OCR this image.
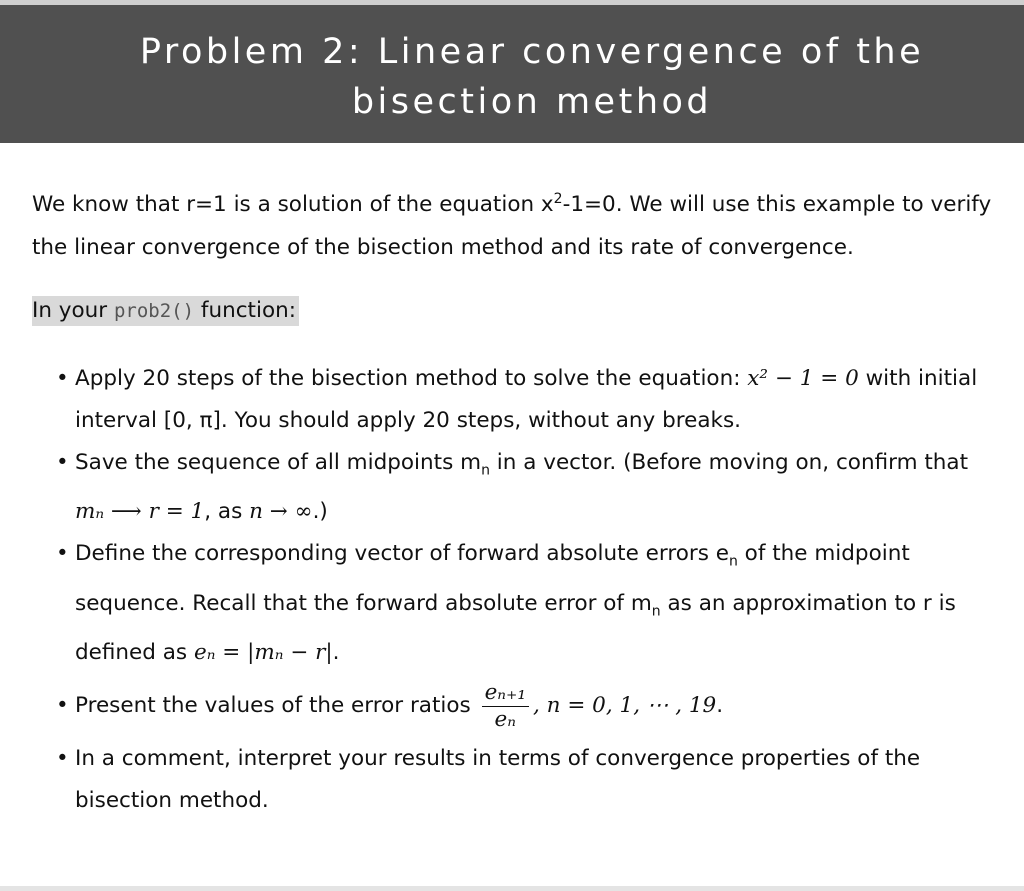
Problem 2: Linear convergence of the bisection method

We know that r=1 is a solution of the equation $x^2-1=0$. We will use this example to verify the linear convergence of the bisection method and its rate of convergence.

In your prob2() function:
• Apply 20 steps of the bisection method to solve the equation: x² − 1 = 0 with initial interval [0, π]. You should apply 20 steps, without any breaks.
• Save the sequence of all midpoints $m_n$ in a vector. (Before moving on, confirm that mₙ ⟶ r = 1, as n → ∞.)
• Define the corresponding vector of forward absolute errors $e_n$ of the midpoint sequence. Recall that the forward absolute error of $m_n$ as an approximation to r is defined as eₙ = |mₙ − r|.
• Present the values of the error ratios $\frac{\text{eₙ₊₁}}{\text{eₙ}}$ , n = 0, 1, ⋯ , 19.
• In a comment, interpret your results in terms of convergence properties of the bisection method.
